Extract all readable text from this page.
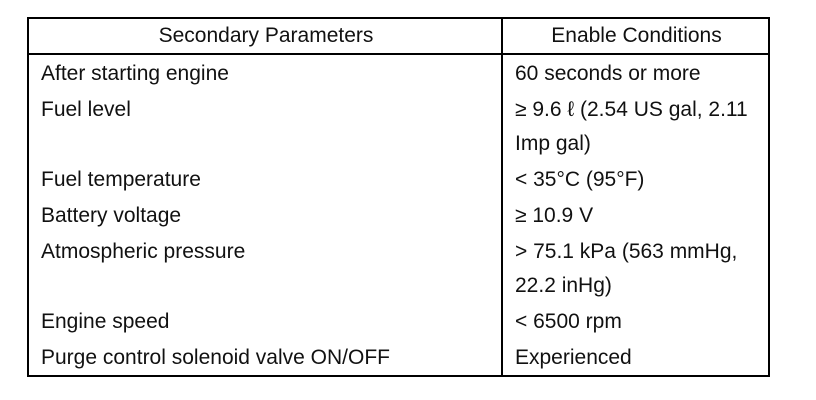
Secondary Parameters	Enable Conditions
After starting engine	60 seconds or more

Fuel level	≥ 9.6 ℓ (2.54 US gal, 2.11 Imp gal)

Fuel temperature	< 35°C (95°F)

Battery voltage	≥ 10.9 V

Atmospheric pressure	> 75.1 kPa (563 mmHg, 22.2 inHg)

Engine speed	< 6500 rpm

Purge control solenoid valve ON/OFF	Experienced
